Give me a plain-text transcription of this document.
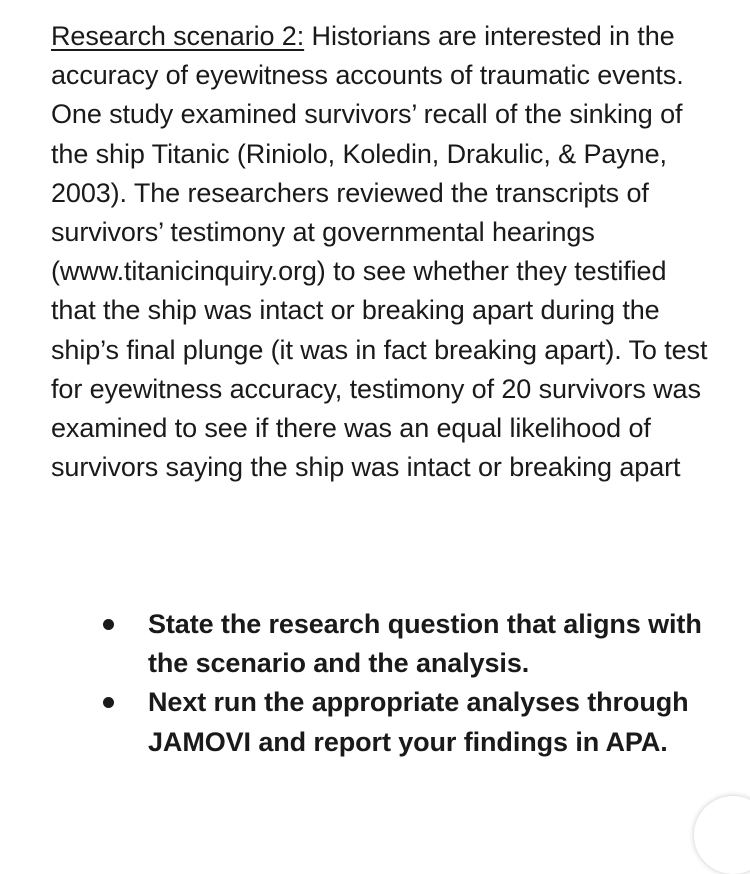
Research scenario 2: Historians are interested in the accuracy of eyewitness accounts of traumatic events. One study examined survivors’ recall of the sinking of the ship Titanic (Riniolo, Koledin, Drakulic, & Payne, 2003). The researchers reviewed the transcripts of survivors’ testimony at governmental hearings (www.titanicinquiry.org) to see whether they testified that the ship was intact or breaking apart during the ship’s final plunge (it was in fact breaking apart). To test for eyewitness accuracy, testimony of 20 survivors was examined to see if there was an equal likelihood of survivors saying the ship was intact or breaking apart

State the research question that aligns with the scenario and the analysis.
Next run the appropriate analyses through JAMOVI and report your findings in APA.
